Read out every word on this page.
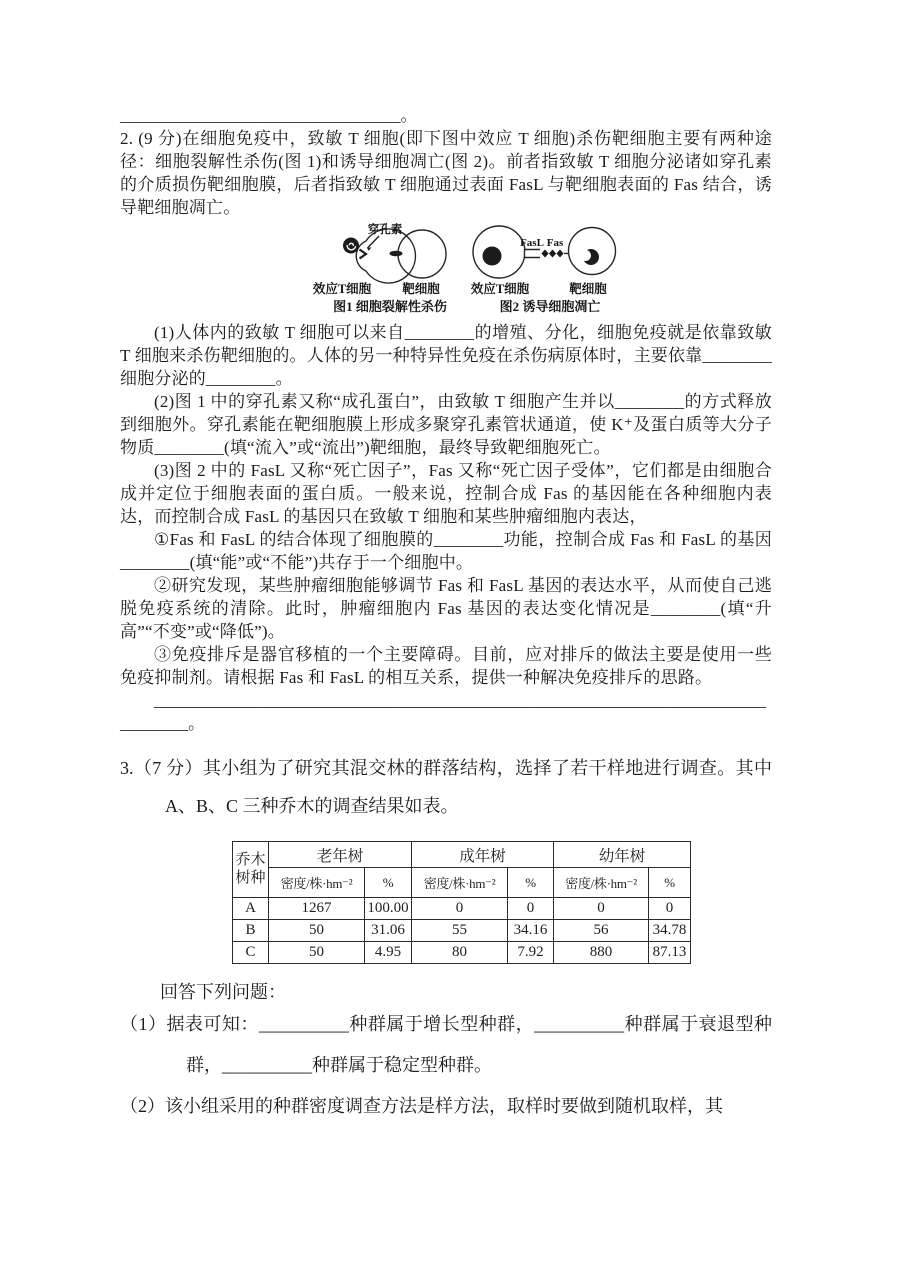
_________________________________。

2. (9 分)在细胞免疫中，致敏 T 细胞(即下图中效应 T 细胞)杀伤靶细胞主要有两种途径：细胞裂解性杀伤(图 1)和诱导细胞凋亡(图 2)。前者指致敏 T 细胞分泌诸如穿孔素的介质损伤靶细胞膜，后者指致敏 T 细胞通过表面 FasL 与靶细胞表面的 Fas 结合，诱导靶细胞凋亡。

穿孔素
效应T细胞 靶细胞
图1 细胞裂解性杀伤
FasL Fas
效应T细胞	靶细胞
图2 诱导细胞凋亡

(1)人体内的致敏 T 细胞可以来自________的增殖、分化，细胞免疫就是依靠致敏 T 细胞来杀伤靶细胞的。人体的另一种特异性免疫在杀伤病原体时，主要依靠________细胞分泌的________。

(2)图 1 中的穿孔素又称“成孔蛋白”，由致敏 T 细胞产生并以________的方式释放到细胞外。穿孔素能在靶细胞膜上形成多聚穿孔素管状通道，使 K⁺及蛋白质等大分子物质________(填“流入”或“流出”)靶细胞，最终导致靶细胞死亡。

(3)图 2 中的 FasL 又称“死亡因子”，Fas 又称“死亡因子受体”，它们都是由细胞合成并定位于细胞表面的蛋白质。一般来说，控制合成 Fas 的基因能在各种细胞内表达，而控制合成 FasL 的基因只在致敏 T 细胞和某些肿瘤细胞内表达，

①Fas 和 FasL 的结合体现了细胞膜的________功能，控制合成 Fas 和 FasL 的基因________(填“能”或“不能”)共存于一个细胞中。

②研究发现，某些肿瘤细胞能够调节 Fas 和 FasL 基因的表达水平，从而使自己逃脱免疫系统的清除。此时，肿瘤细胞内 Fas 基因的表达变化情况是________(填“升高”“不变”或“降低”)。

③免疫排斥是器官移植的一个主要障碍。目前，应对排斥的做法主要是使用一些免疫抑制剂。请根据 Fas 和 FasL 的相互关系，提供一种解决免疫排斥的思路。

________________________________________________________________________

________。

3.（7 分）其小组为了研究其混交林的群落结构，选择了若干样地进行调查。其中 A、B、C 三种乔木的调查结果如表。

乔木
树种	老年树		成年树		幼年树	
	密度/株·hm⁻²	%	密度/株·hm⁻²	%	密度/株·hm⁻²	%
A	1267	100.00	0	0	0	0
B	50	31.06	55	34.16	56	34.78
C	50	4.95	80	7.92	880	87.13

回答下列问题：

（1）据表可知：__________种群属于增长型种群，__________种群属于衰退型种群，__________种群属于稳定型种群。

（2）该小组采用的种群密度调查方法是样方法，取样时要做到随机取样，其
